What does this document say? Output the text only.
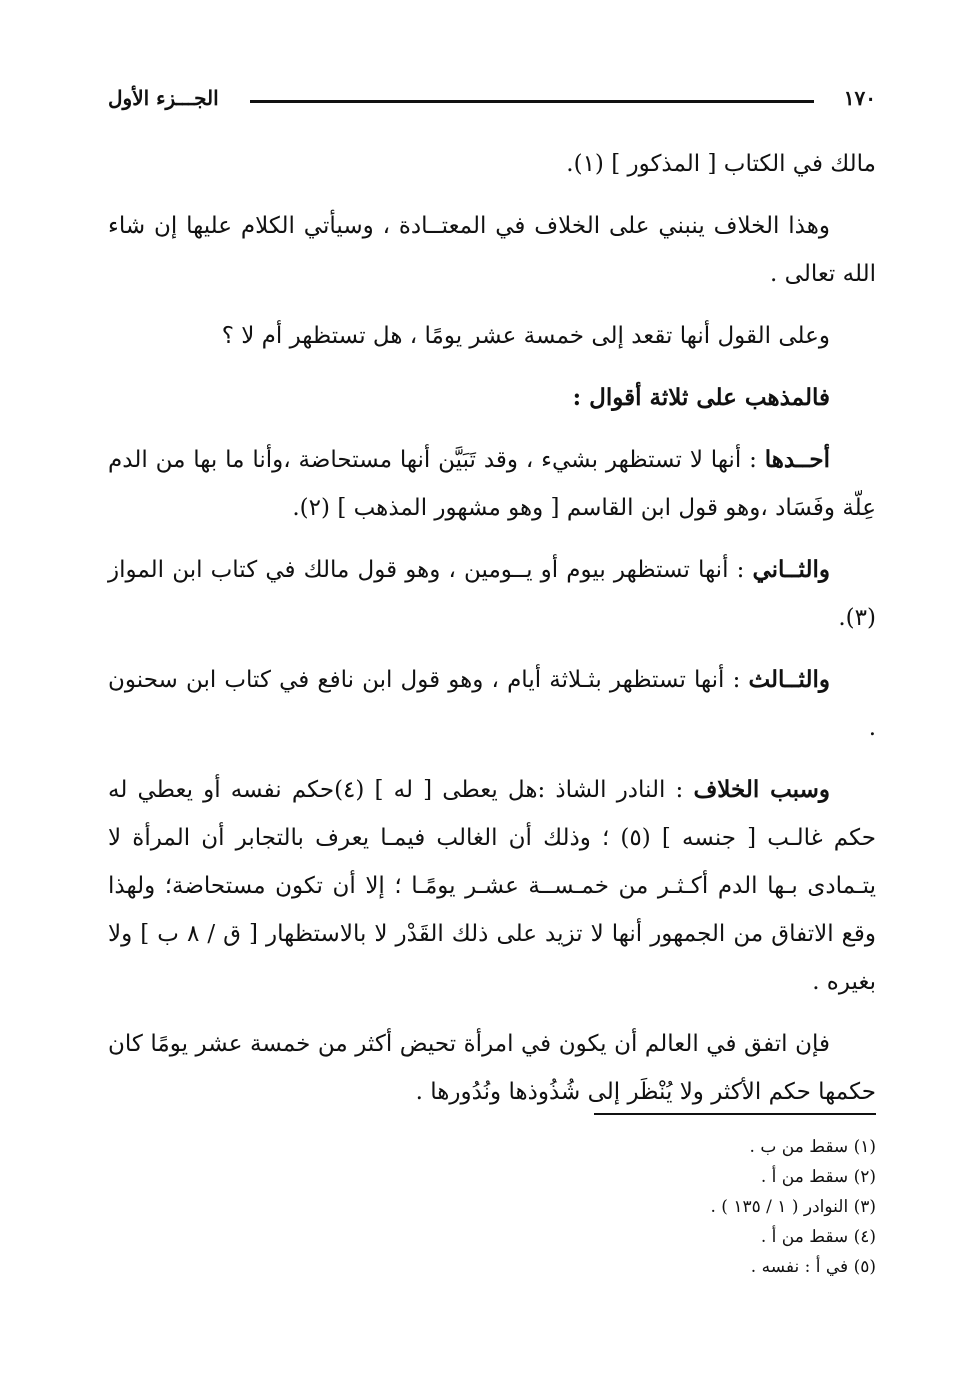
الجـــزء الأول	١٧٠

مالك في الكتاب [ المذكور ] (١).

وهذا الخلاف ينبني على الخلاف في المعتــادة ، وسيأتي الكلام عليها إن شاء الله تعالى .

وعلى القول أنها تقعد إلى خمسة عشر يومًا ، هل تستظهر أم لا ؟

فالمذهب على ثلاثة أقوال :

أحــدها : أنها لا تستظهر بشيء ، وقد تَبَيَّن أنها مستحاضة ،وأنا ما بها من الدم عِلّة وفَسَاد ،وهو قول ابن القاسم [ وهو مشهور المذهب ] (٢).

والثــاني : أنها تستظهر بيوم أو يــومين ، وهو قول مالك في كتاب ابن المواز (٣).

والثــالث : أنها تستظهر بثـلاثة أيام ، وهو قول ابن نافع في كتاب ابن سحنون .

وسبب الخلاف : النادر الشاذ :هل يعطى [ له ] (٤)حكم نفسه أو يعطي له حكم غالـب [ جنسه ] (٥) ؛ وذلك أن الغالب فيمـا يعرف بالتجابر أن المرأة لا يتـمادى بـها الدم أكـثـر من خمـســة عشـر يومًـا ؛ إلا أن تكون مستحاضة؛ ولهذا وقع الاتفاق من الجمهور أنها لا تزيد على ذلك القَدْر لا بالاستظهار [ ق / ٨ ب ] ولا بغيره .

فإن اتفق في العالم أن يكون في امرأة تحيض أكثر من خمسة عشر يومًا كان حكمها حكم الأكثر ولا يُنْظَر إلى شُذُوذها ونُدُورها .

(١) سقط من ب .
(٢) سقط من أ .
(٣) النوادر ( ١ / ١٣٥ ) .
(٤) سقط من أ .
(٥) في أ : نفسه .
